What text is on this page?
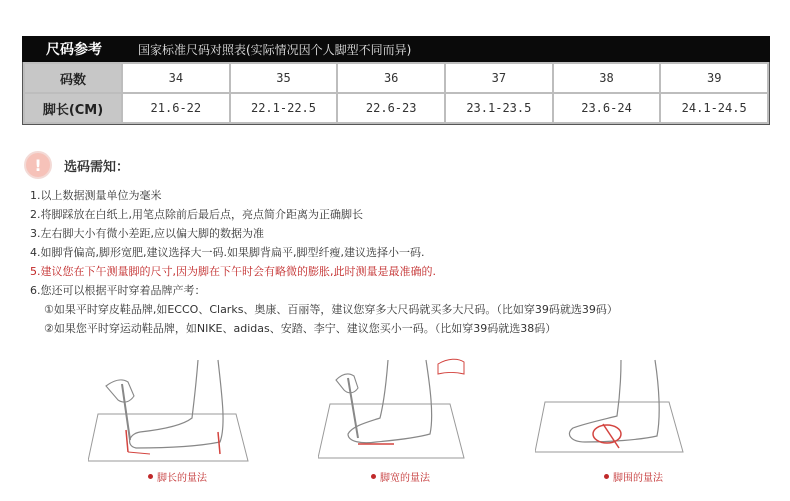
尺码参考	国家标准尺码对照表(实际情况因个人脚型不同而异)
码数	34	35	36	37	38	39
脚长(CM)	21.6-22	22.1-22.5	22.6-23	23.1-23.5	23.6-24	24.1-24.5
!	选码需知：
1.以上数据测量单位为毫米
2.将脚踩放在白纸上,用笔点除前后最后点，亮点简介距离为正确脚长
3.左右脚大小有微小差距,应以偏大脚的数据为准
4.如脚背偏高,脚形宽肥,建议选择大一码.如果脚背扁平,脚型纤瘦,建议选择小一码.
5.建议您在下午测量脚的尺寸,因为脚在下午时会有略微的膨胀,此时测量是最准确的.
6.您还可以根据平时穿着品牌产考：
①如果平时穿皮鞋品牌,如ECCO、Clarks、奥康、百丽等，建议您穿多大尺码就买多大尺码。（比如穿39码就选39码）
②如果您平时穿运动鞋品牌，如NIKE、adidas、安踏、李宁、建议您买小一码。（比如穿39码就选38码）
脚长的量法	脚宽的量法	脚围的量法
